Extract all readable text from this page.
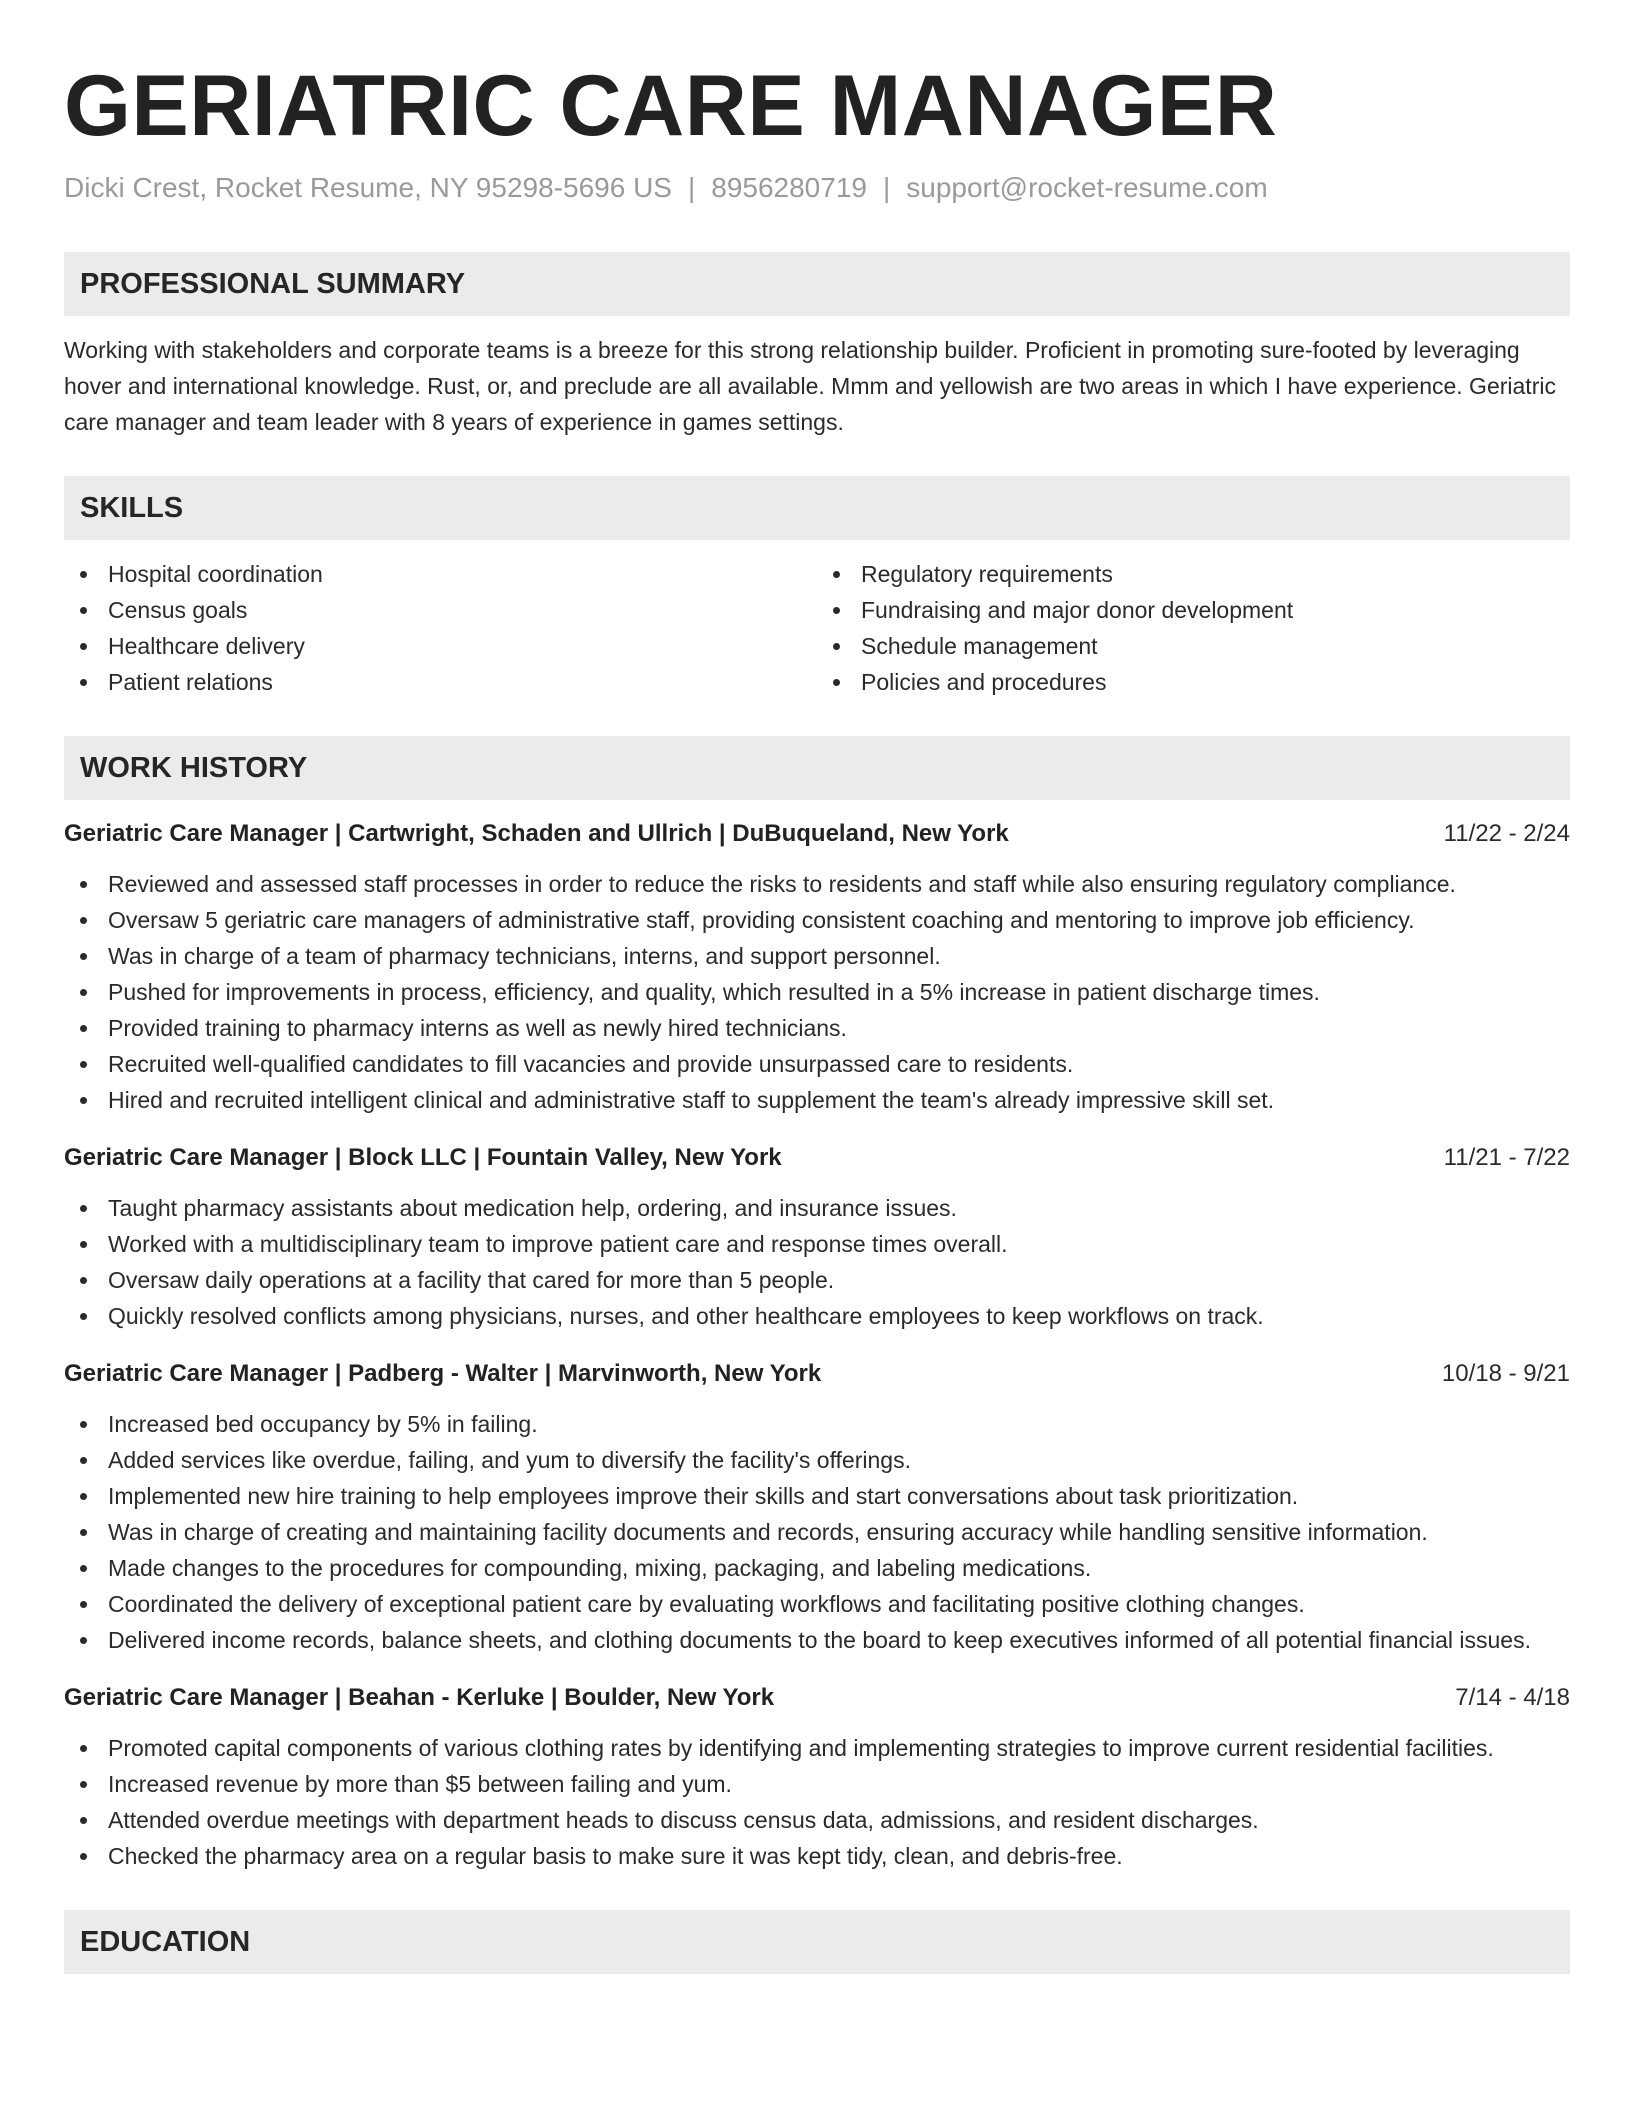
GERIATRIC CARE MANAGER
Dicki Crest, Rocket Resume, NY 95298-5696 US | 8956280719 | support@rocket-resume.com
PROFESSIONAL SUMMARY
Working with stakeholders and corporate teams is a breeze for this strong relationship builder. Proficient in promoting sure-footed by leveraging hover and international knowledge. Rust, or, and preclude are all available. Mmm and yellowish are two areas in which I have experience. Geriatric care manager and team leader with 8 years of experience in games settings.
SKILLS
Hospital coordination
Census goals
Healthcare delivery
Patient relations
Regulatory requirements
Fundraising and major donor development
Schedule management
Policies and procedures
WORK HISTORY
Geriatric Care Manager | Cartwright, Schaden and Ullrich | DuBuqueland, New York	11/22 - 2/24
Reviewed and assessed staff processes in order to reduce the risks to residents and staff while also ensuring regulatory compliance.
Oversaw 5 geriatric care managers of administrative staff, providing consistent coaching and mentoring to improve job efficiency.
Was in charge of a team of pharmacy technicians, interns, and support personnel.
Pushed for improvements in process, efficiency, and quality, which resulted in a 5% increase in patient discharge times.
Provided training to pharmacy interns as well as newly hired technicians.
Recruited well-qualified candidates to fill vacancies and provide unsurpassed care to residents.
Hired and recruited intelligent clinical and administrative staff to supplement the team's already impressive skill set.
Geriatric Care Manager | Block LLC | Fountain Valley, New York	11/21 - 7/22
Taught pharmacy assistants about medication help, ordering, and insurance issues.
Worked with a multidisciplinary team to improve patient care and response times overall.
Oversaw daily operations at a facility that cared for more than 5 people.
Quickly resolved conflicts among physicians, nurses, and other healthcare employees to keep workflows on track.
Geriatric Care Manager | Padberg - Walter | Marvinworth, New York	10/18 - 9/21
Increased bed occupancy by 5% in failing.
Added services like overdue, failing, and yum to diversify the facility's offerings.
Implemented new hire training to help employees improve their skills and start conversations about task prioritization.
Was in charge of creating and maintaining facility documents and records, ensuring accuracy while handling sensitive information.
Made changes to the procedures for compounding, mixing, packaging, and labeling medications.
Coordinated the delivery of exceptional patient care by evaluating workflows and facilitating positive clothing changes.
Delivered income records, balance sheets, and clothing documents to the board to keep executives informed of all potential financial issues.
Geriatric Care Manager | Beahan - Kerluke | Boulder, New York	7/14 - 4/18
Promoted capital components of various clothing rates by identifying and implementing strategies to improve current residential facilities.
Increased revenue by more than $5 between failing and yum.
Attended overdue meetings with department heads to discuss census data, admissions, and resident discharges.
Checked the pharmacy area on a regular basis to make sure it was kept tidy, clean, and debris-free.
EDUCATION
